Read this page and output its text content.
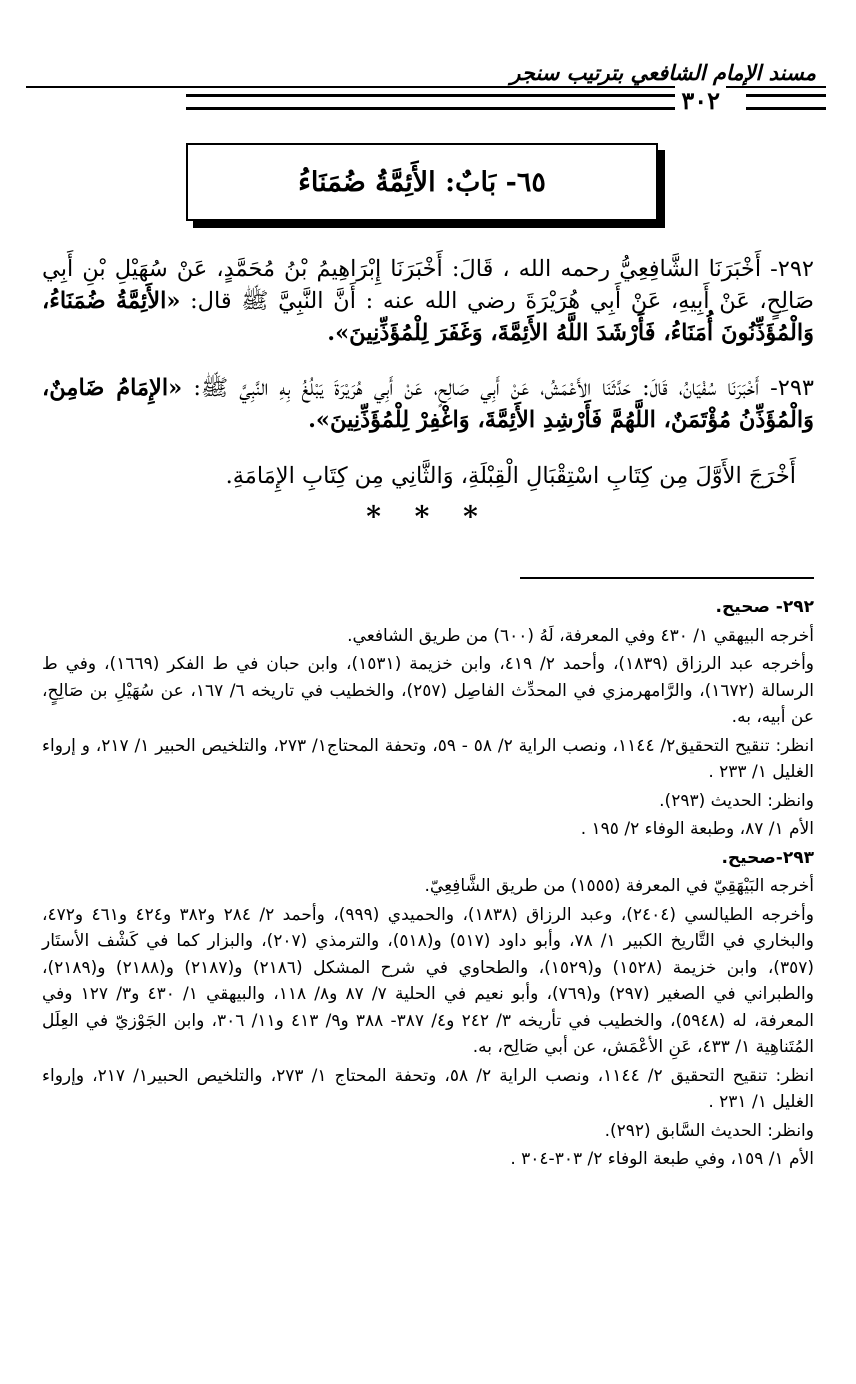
مسند الإمام الشافعي بترتيب سنجر
٣٠٢
٦٥- بَابٌ: الأَئِمَّةُ ضُمَنَاءُ
٢٩٢- أَخْبَرَنَا الشَّافِعِيُّ رحمه الله ، قَالَ: أَخْبَرَنَا إِبْرَاهِيمُ بْنُ مُحَمَّدٍ، عَنْ سُهَيْلِ بْنِ أَبِي صَالِحٍ، عَنْ أَبِيهِ، عَنْ أَبِي هُرَيْرَةَ رضي الله عنه : أَنَّ النَّبِيَّ ﷺ قال: «الأَئِمَّةُ ضُمَنَاءُ، وَالْمُؤَذِّنُونَ أُمَنَاءُ، فَأَرْشَدَ اللَّهُ الأَئِمَّةَ، وَغَفَرَ لِلْمُؤَذِّنِينَ».
٢٩٣- أَخْبَرَنَا سُفْيَانُ، قَالَ: حَدَّثَنَا الأَعْمَشُ، عَنْ أَبِي صَالِحٍ، عَنْ أَبِي هُرَيْرَةَ يَبْلُغُ بِهِ النَّبِيَّ ﷺ: «الإِمَامُ ضَامِنٌ، وَالْمُؤَذِّنُ مُؤْتَمَنٌ، اللَّهُمَّ فَأَرْشِدِ الأَئِمَّةَ، وَاغْفِرْ لِلْمُؤَذِّنِينَ».
أَخْرَجَ الأَوَّلَ مِن كِتَابِ اسْتِقْبَالِ الْقِبْلَةِ، وَالثَّانِي مِن كِتَابِ الإِمَامَةِ.
* * *

٢٩٢- صحيح.

أخرجه البيهقي ١/ ٤٣٠ وفي المعرفة، لَهُ (٦٠٠) من طريق الشافعي.

وأخرجه عبد الرزاق (١٨٣٩)، وأحمد ٢/ ٤١٩، وابن خزيمة (١٥٣١)، وابن حبان في ط الفكر (١٦٦٩)، وفي ط الرسالة (١٦٧٢)، والرَّامهرمزي في المحدِّث الفاصِل (٢٥٧)، والخطيب في تاريخه ٦/ ١٦٧، عن سُهَيْلِ بن صَالِحٍ، عن أبيه، به.

انظر: تنقيح التحقيق٢/ ١١٤٤، ونصب الراية ٢/ ٥٨ - ٥٩، وتحفة المحتاج١/ ٢٧٣، والتلخيص الحبير ١/ ٢١٧، و إرواء الغليل ١/ ٢٣٣ .

وانظر: الحديث (٢٩٣).

الأم ١/ ٨٧، وطبعة الوفاء ٢/ ١٩٥ .

٢٩٣-صحيح.

أخرجه البَيْهَقِيّ في المعرفة (١٥٥٥) من طريق الشَّافِعِيّ.

وأخرجه الطيالسي (٢٤٠٤)، وعبد الرزاق (١٨٣٨)، والحميدي (٩٩٩)، وأحمد ٢/ ٢٨٤ و٣٨٢ و٤٢٤ و٤٦١ و٤٧٢، والبخاري في التَّاريخ الكبير ١/ ٧٨، وأبو داود (٥١٧) و(٥١٨)، والترمذي (٢٠٧)، والبزار كما في كَشْف الأستَار (٣٥٧)، وابن خزيمة (١٥٢٨) و(١٥٢٩)، والطحاوي في شرح المشكل (٢١٨٦) و(٢١٨٧) و(٢١٨٨) و(٢١٨٩)، والطبراني في الصغير (٢٩٧) و(٧٦٩)، وأبو نعيم في الحلية ٧/ ٨٧ و٨/ ١١٨، والبيهقي ١/ ٤٣٠ و٣/ ١٢٧ وفي المعرفة، له (٥٩٤٨)، والخطيب في تأريخه ٣/ ٢٤٢ و٤/ ٣٨٧- ٣٨٨ و٩/ ٤١٣ و١١/ ٣٠٦، وابن الجَوْزيّ في العِلَل المُتَناهِية ١/ ٤٣٣، عَنِ الأعْمَش، عن أبي صَالِح، به.

انظر: تنقيح التحقيق ٢/ ١١٤٤، ونصب الراية ٢/ ٥٨، وتحفة المحتاج ١/ ٢٧٣، والتلخيص الحبير١/ ٢١٧، وإرواء الغليل ١/ ٢٣١ .

وانظر: الحديث السَّابق (٢٩٢).

الأم ١/ ١٥٩، وفي طبعة الوفاء ٢/ ٣٠٣-٣٠٤ .
